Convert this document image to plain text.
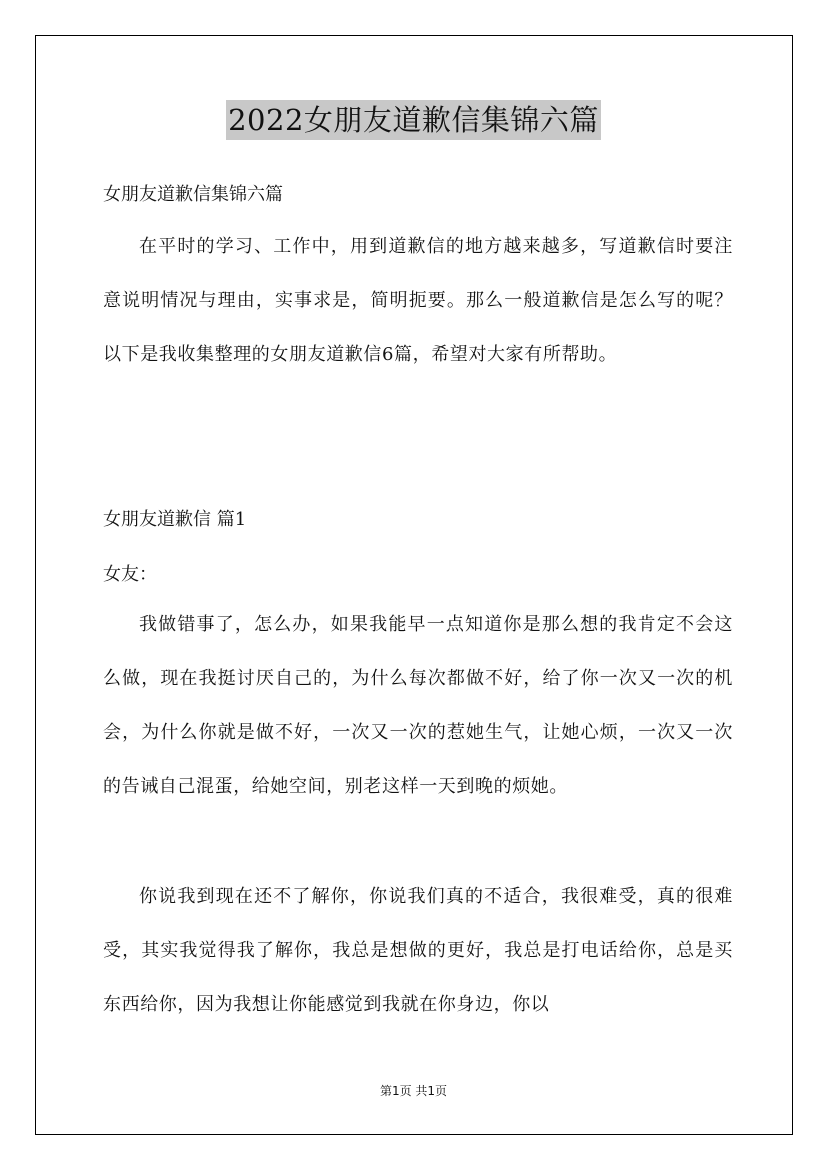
2022女朋友道歉信集锦六篇

女朋友道歉信集锦六篇

在平时的学习、工作中，用到道歉信的地方越来越多，写道歉信时要注意说明情况与理由，实事求是，简明扼要。那么一般道歉信是怎么写的呢？以下是我收集整理的女朋友道歉信6篇，希望对大家有所帮助。

女朋友道歉信 篇1

女友：

我做错事了，怎么办，如果我能早一点知道你是那么想的我肯定不会这么做，现在我挺讨厌自己的，为什么每次都做不好，给了你一次又一次的机会，为什么你就是做不好，一次又一次的惹她生气，让她心烦，一次又一次的告诫自己混蛋，给她空间，别老这样一天到晚的烦她。

你说我到现在还不了解你，你说我们真的不适合，我很难受，真的很难受，其实我觉得我了解你，我总是想做的更好，我总是打电话给你，总是买东西给你，因为我想让你能感觉到我就在你身边，你以

第1页 共1页
